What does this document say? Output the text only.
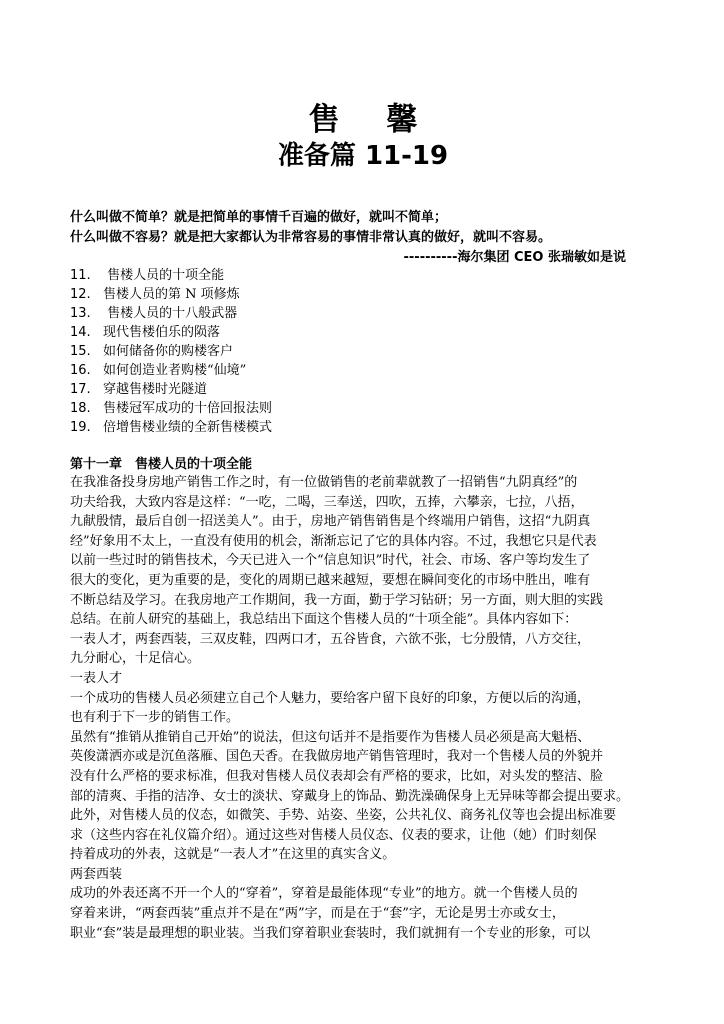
售 馨
准备篇 11-19
什么叫做不简单？就是把简单的事情千百遍的做好，就叫不简单；
什么叫做不容易？就是把大家都认为非常容易的事情非常认真的做好，就叫不容易。
----------海尔集团 CEO 张瑞敏如是说
11. 售楼人员的十项全能
12. 售楼人员的第 N 项修炼
13. 售楼人员的十八般武器
14. 现代售楼伯乐的陨落
15. 如何储备你的购楼客户
16. 如何创造业者购楼“仙境”
17. 穿越售楼时光隧道
18. 售楼冠军成功的十倍回报法则
19. 倍增售楼业绩的全新售楼模式
第十一章　售楼人员的十项全能
在我准备投身房地产销售工作之时，有一位做销售的老前辈就教了一招销售“九阴真经”的
功夫给我，大致内容是这样：“一吃，二喝，三奉送，四吹，五捧，六攀亲，七拉，八捂，
九献殷情，最后自创一招送美人”。由于，房地产销售销售是个终端用户销售，这招“九阴真
经”好象用不太上，一直没有使用的机会，渐渐忘记了它的具体内容。不过，我想它只是代表
以前一些过时的销售技术，今天已进入一个“信息知识”时代，社会、市场、客户等均发生了
很大的变化，更为重要的是，变化的周期已越来越短，要想在瞬间变化的市场中胜出，唯有
不断总结及学习。在我房地产工作期间，我一方面，勤于学习钻研；另一方面，则大胆的实践
总结。在前人研究的基础上，我总结出下面这个售楼人员的“十项全能”。具体内容如下：
一表人才，两套西装，三双皮鞋，四两口才，五谷皆食，六欲不张，七分殷情，八方交往，
九分耐心，十足信心。
一表人才
一个成功的售楼人员必须建立自己个人魅力，要给客户留下良好的印象，方便以后的沟通，
也有利于下一步的销售工作。
虽然有“推销从推销自己开始”的说法，但这句话并不是指要作为售楼人员必须是高大魁梧、
英俊潇洒亦或是沉鱼落雁、国色天香。在我做房地产销售管理时，我对一个售楼人员的外貌并
没有什么严格的要求标准，但我对售楼人员仪表却会有严格的要求，比如，对头发的整洁、脸
部的清爽、手指的洁净、女士的淡状、穿戴身上的饰品、勤洗澡确保身上无异味等都会提出要求。
此外，对售楼人员的仪态，如微笑、手势、站姿、坐姿，公共礼仪、商务礼仪等也会提出标准要
求（这些内容在礼仪篇介绍）。通过这些对售楼人员仪态、仪表的要求，让他（她）们时刻保
持着成功的外表，这就是“一表人才”在这里的真实含义。
两套西装
成功的外表还离不开一个人的“穿着”，穿着是最能体现“专业”的地方。就一个售楼人员的
穿着来讲，“两套西装”重点并不是在“两”字，而是在于“套”字，无论是男士亦或女士，
职业“套”装是最理想的职业装。当我们穿着职业套装时，我们就拥有一个专业的形象，可以
